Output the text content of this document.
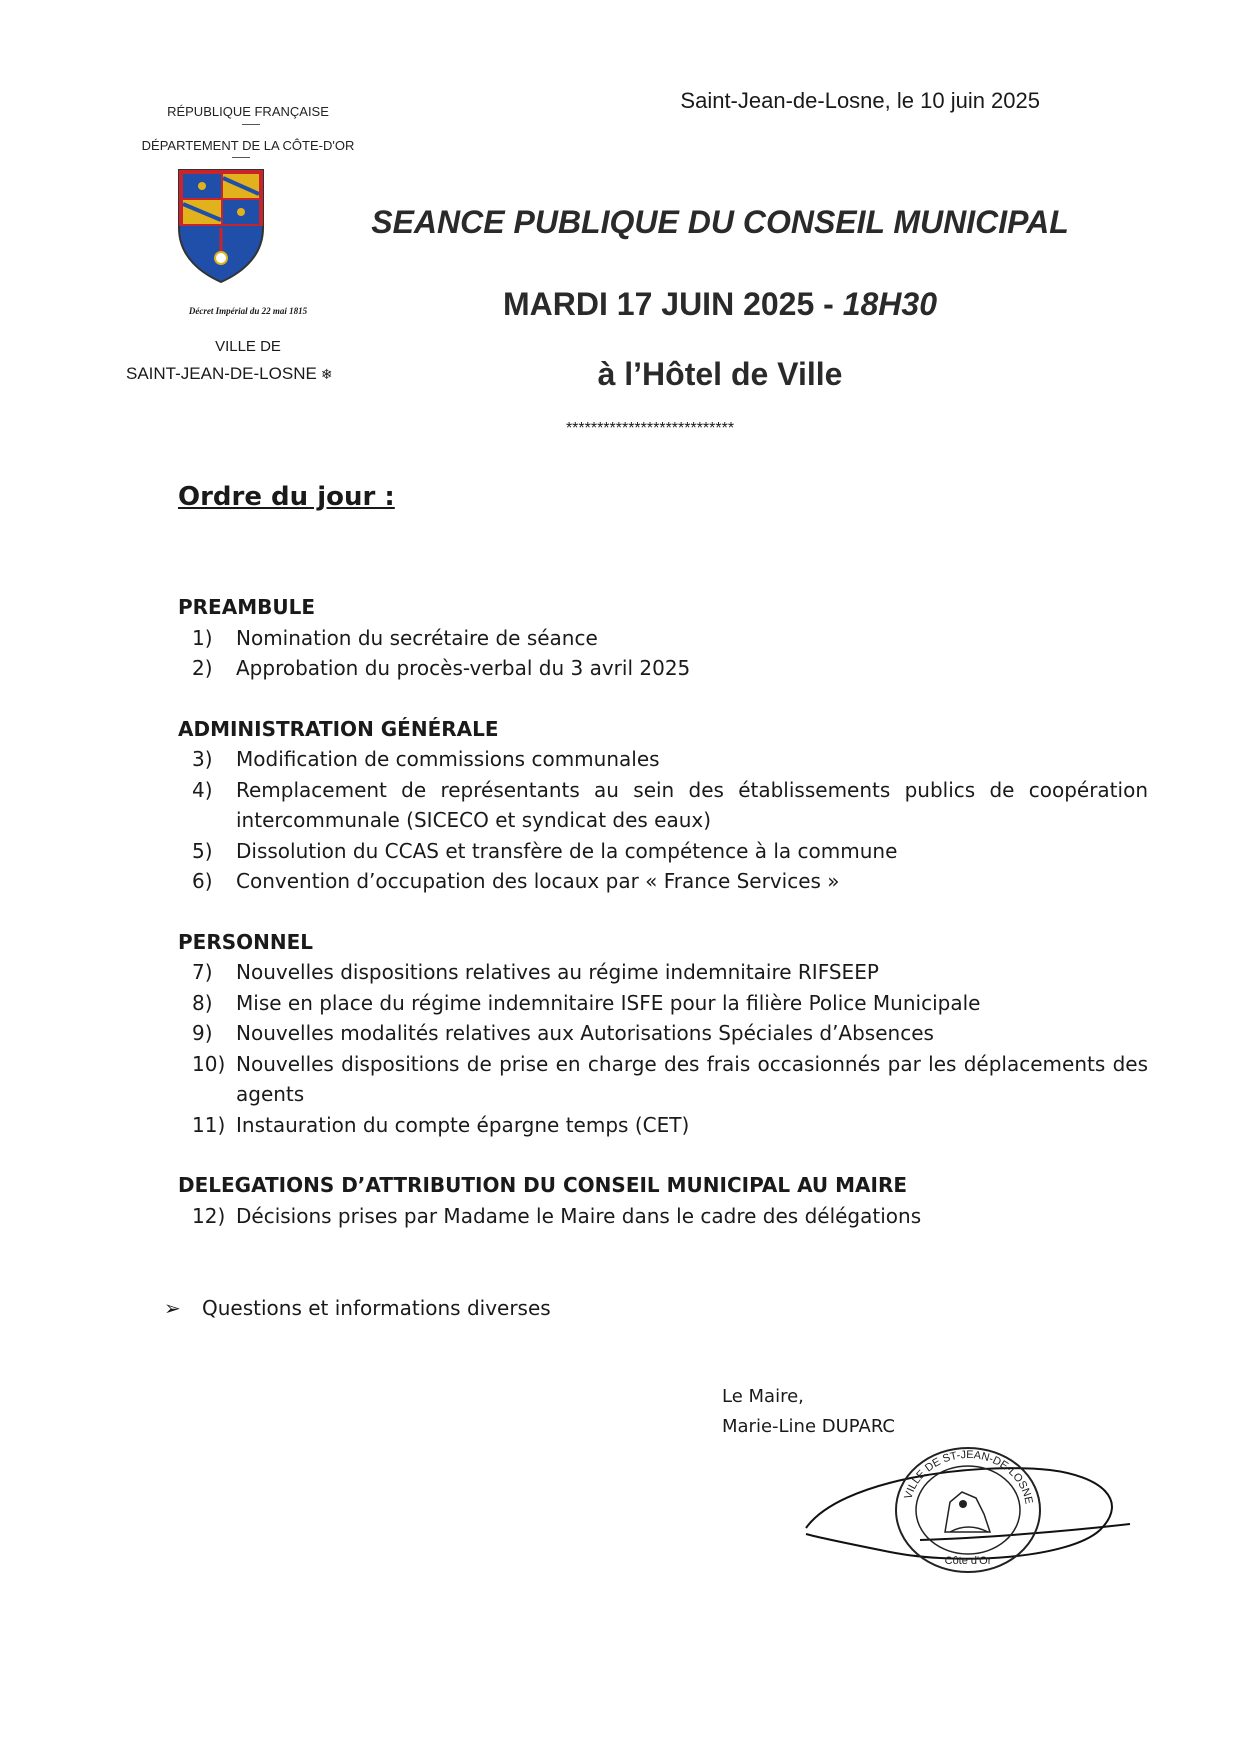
RÉPUBLIQUE FRANÇAISE
DÉPARTEMENT DE LA CÔTE-D'OR
Décret Impérial du 22 mai 1815
VILLE DE
SAINT-JEAN-DE-LOSNE ❄
Saint-Jean-de-Losne, le 10 juin 2025
SEANCE PUBLIQUE DU CONSEIL MUNICIPAL
MARDI 17 JUIN 2025 - 18H30
à l’Hôtel de Ville
***************************
Ordre du jour :
PREAMBULE
1)	Nomination du secrétaire de séance
2)	Approbation du procès-verbal du 3 avril 2025
ADMINISTRATION GÉNÉRALE
3)	Modification de commissions communales
4)	Remplacement de représentants au sein des établissements publics de coopération intercommunale (SICECO et syndicat des eaux)
5)	Dissolution du CCAS et transfère de la compétence à la commune
6)	Convention d’occupation des locaux par « France Services »
PERSONNEL
7)	Nouvelles dispositions relatives au régime indemnitaire RIFSEEP
8)	Mise en place du régime indemnitaire ISFE pour la filière Police Municipale
9)	Nouvelles modalités relatives aux Autorisations Spéciales d’Absences
10) Nouvelles dispositions de prise en charge des frais occasionnés par les déplacements des agents
11) Instauration du compte épargne temps (CET)
DELEGATIONS D’ATTRIBUTION DU CONSEIL MUNICIPAL AU MAIRE
12) Décisions prises par Madame le Maire dans le cadre des délégations
➢ Questions et informations diverses
Le Maire,
Marie-Line DUPARC
VILLE DE ST-JEAN-DE-LOSNE
Côte d'Or
